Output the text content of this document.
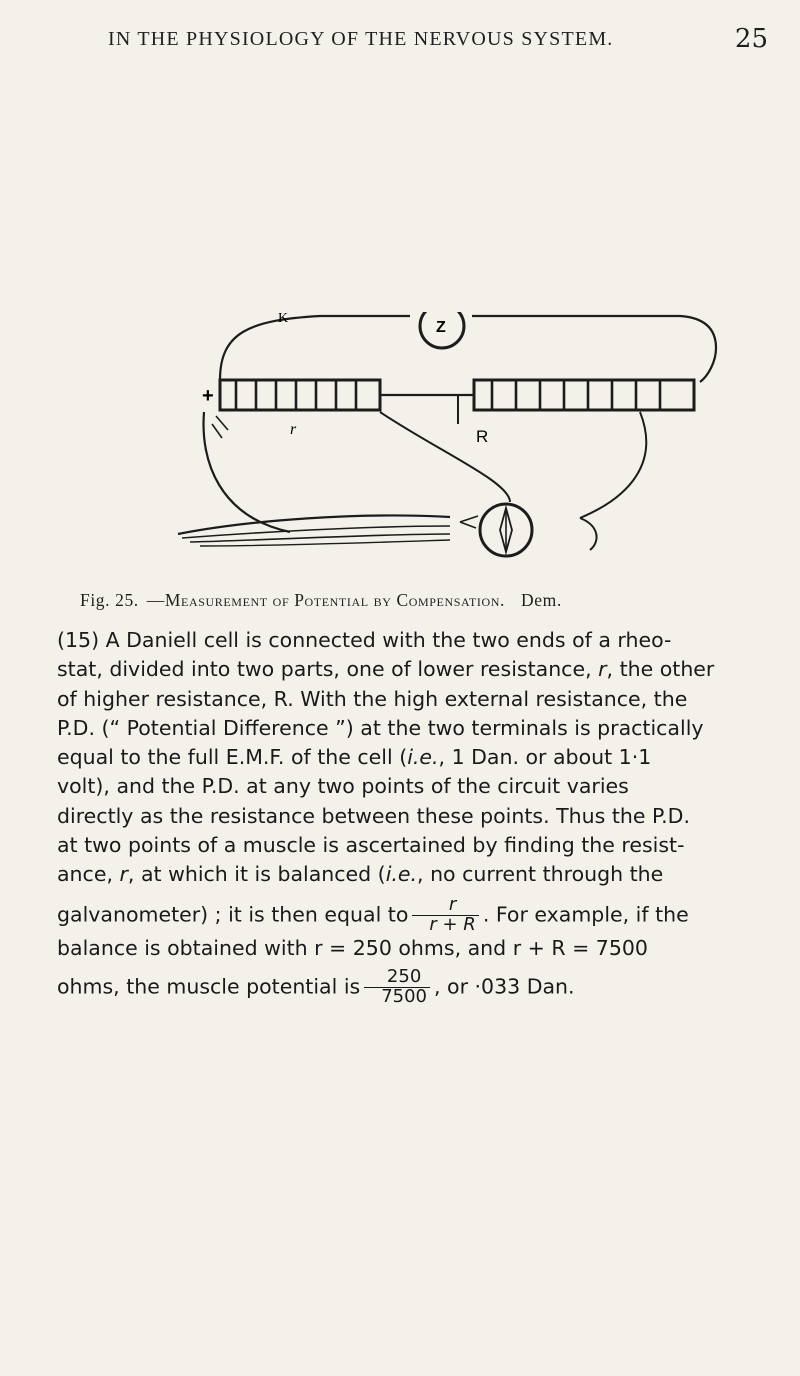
IN THE PHYSIOLOGY OF THE NERVOUS SYSTEM.	25
K
Z
+
r	R
Fig. 25. —Measurement of Potential by Compensation. Dem.

(15) A Daniell cell is connected with the two ends of a rheo-
stat, divided into two parts, one of lower resistance, r, the other
of higher resistance, R. With the high external resistance, the
P.D. (“ Potential Difference ”) at the two terminals is practically
equal to the full E.M.F. of the cell (i.e., 1 Dan. or about 1·1
volt), and the P.D. at any two points of the circuit varies
directly as the resistance between these points. Thus the P.D.
at two points of a muscle is ascertained by finding the resist-
ance, r, at which it is balanced (i.e., no current through the
galvanometer) ; it is then equal to $\frac{r}{r + R}$ . For example, if the
balance is obtained with r = 250 ohms, and r + R = 7500
ohms, the muscle potential is $\frac{250}{7500}$ , or ·033 Dan.
